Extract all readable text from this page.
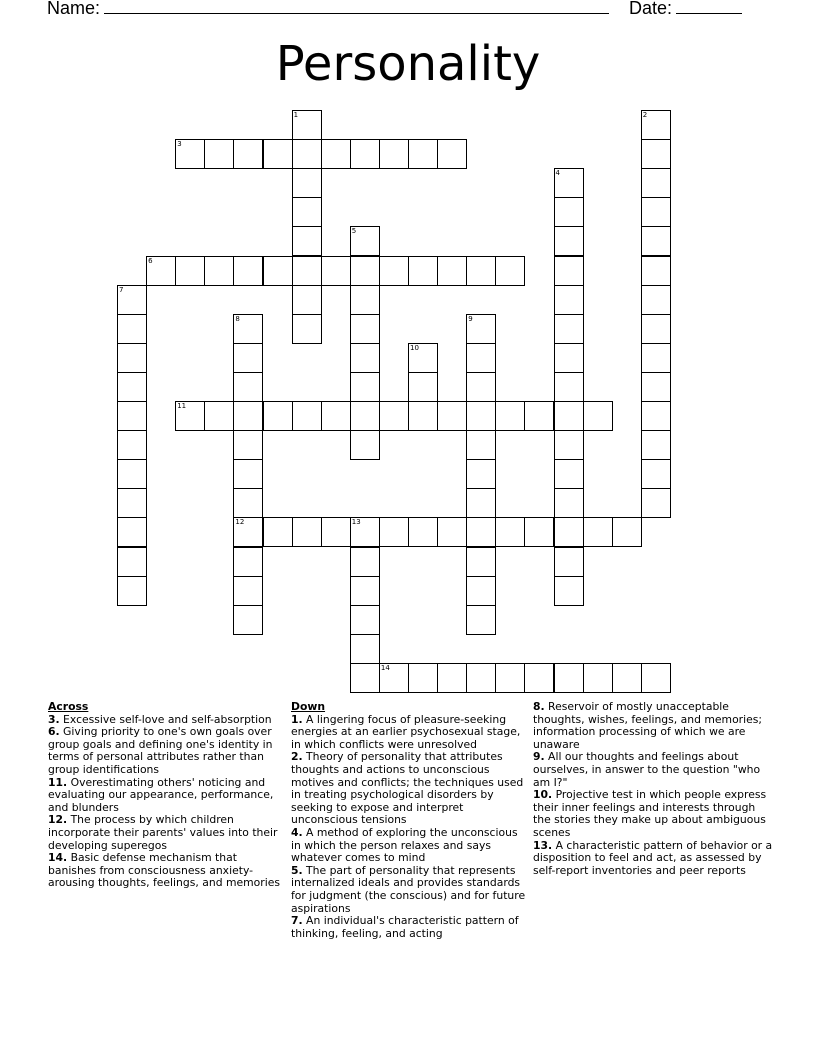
Name:	Date:
Personality
1	2
3
4
5
6
7
8
12
9
10
11
13
14
Across
3. Excessive self-love and self-absorption
6. Giving priority to one's own goals over group goals and defining one's identity in terms of personal attributes rather than group identifications
11. Overestimating others' noticing and evaluating our appearance, performance, and blunders
12. The process by which children incorporate their parents' values into their developing superegos
14. Basic defense mechanism that banishes from consciousness anxiety-arousing thoughts, feelings, and memories
Down
1. A lingering focus of pleasure-seeking energies at an earlier psychosexual stage, in which conflicts were unresolved
2. Theory of personality that attributes thoughts and actions to unconscious motives and conflicts; the techniques used in treating psychological disorders by seeking to expose and interpret unconscious tensions
4. A method of exploring the unconscious in which the person relaxes and says whatever comes to mind
5. The part of personality that represents internalized ideals and provides standards for judgment (the conscious) and for future aspirations
7. An individual's characteristic pattern of thinking, feeling, and acting
8. Reservoir of mostly unacceptable thoughts, wishes, feelings, and memories; information processing of which we are unaware
9. All our thoughts and feelings about ourselves, in answer to the question "who am I?"
10. Projective test in which people express their inner feelings and interests through the stories they make up about ambiguous scenes
13. A characteristic pattern of behavior or a disposition to feel and act, as assessed by self-report inventories and peer reports
